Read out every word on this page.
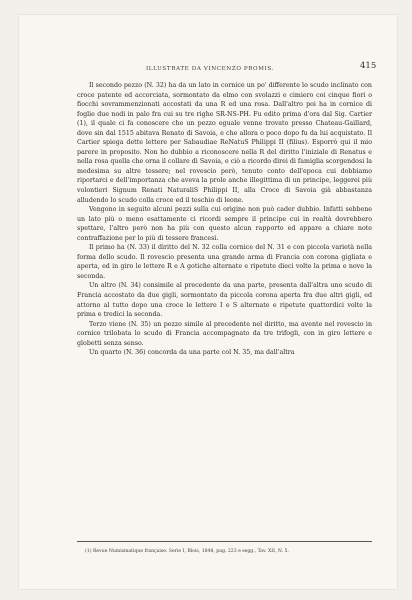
ILLUSTRATE DA VINCENZO PROMIS.	415

Il secondo pezzo (N. 32) ha da un lato in cornice un po' differente lo scudo inclinato con croce patente ed accorciata, sormontato da elmo con svolazzi e cimiero coi cinque fiori o fiocchi sovrammenzionati accostati da una R ed una rosa. Dall'altro poi ha in cornice di foglie due nodi in palo fra cui su tre righe SR-NS-PH. Fu edito prima d'ora dal Sig. Cartier (1), il quale ci fa conoscere che un pezzo eguale venne trovato presso Chateau-Gaillard, dove sin dal 1515 abitava Renato di Savoia, e che allora o poco dopo fu da lui acquistato. Il Cartier spiega dette lettere per Sabaudiae ReNatuS Philippi II (filius). Esporrò qui il mio parere in proposito. Non ho dubbio a riconoscere nella R del diritto l'iniziale di Renatus e nella rosa quella che orna il collare di Savoia, e ciò a ricordo direi di famiglia scorgendosi la medesima su altre tessere; nel rovescio però, tenuto conto dell'epoca cui dobbiamo riportarci e dell'importanza che aveva la prole anche illegittima di un principe, leggerei più volontieri Signum Renati NaturaliS Philippi II, alla Croce di Savoia già abbastanza alludendo lo scudo colla croce ed il teschio di leone.

Vengono in seguito alcuni pezzi sulla cui origine non può cader dubbio. Infatti sebbene un lato più o meno esattamente ci ricordi sempre il principe cui in realtà dovrebbero spettare, l'altro però non ha più con questo alcun rapporto ed appare a chiare note contraffazione per lo più di tessere francesi.

Il primo ha (N. 33) il diritto del N. 32 colla cornice del N. 31 e con piccola varietà nella forma dello scudo. Il rovescio presenta una grande arma di Francia con corona gigliata e aperta, ed in giro le lettere R e A gotiche alternate e ripetute dieci volte la prima e nove la seconda.

Un altro (N. 34) consimile al precedente da una parte, presenta dall'altra uno scudo di Francia accostato da due gigli, sormontato da piccola corona aperta fra due altri gigli, ed attorno al tutto dopo una croce le lettere I e S alternate e ripetute quattordici volte la prima e tredici la seconda.

Terzo viene (N. 35) un pezzo simile al precedente nel diritto, ma avente nel rovescio in cornice trilobata lo scudo di Francia accompagnato da tre trifogli, con in giro lettere e globetti senza senso.

Un quarto (N. 36) concorda da una parte col N. 35, ma dall'altra

(1) Revue Numismatique française. Serie I, Blois, 1848, pag. 223 e segg., Tav. XII, N. 5.
